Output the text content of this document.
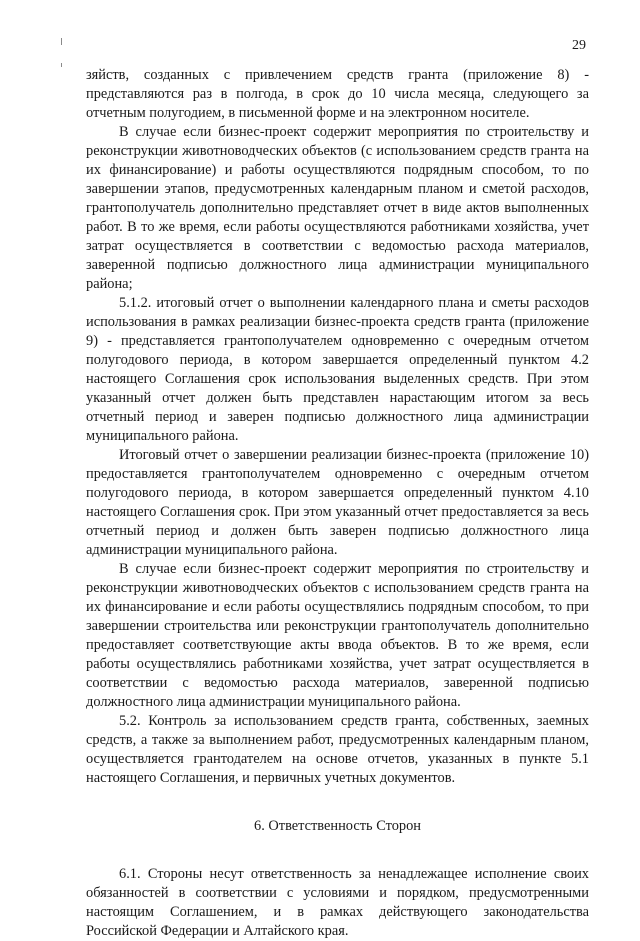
29

зяйств, созданных с привлечением средств гранта (приложение 8) - представляются раз в полгода, в срок до 10 числа месяца, следующего за отчетным полугодием, в письменной форме и на электронном носителе.

В случае если бизнес-проект содержит мероприятия по строительству и реконструкции животноводческих объектов (с использованием средств гранта на их финансирование) и работы осуществляются подрядным способом, то по завершении этапов, предусмотренных календарным планом и сметой расходов, грантополучатель дополнительно представляет отчет в виде актов выполненных работ. В то же время, если работы осуществляются работниками хозяйства, учет затрат осуществляется в соответствии с ведомостью расхода материалов, заверенной подписью должностного лица администрации муниципального района;

5.1.2. итоговый отчет о выполнении календарного плана и сметы расходов использования в рамках реализации бизнес-проекта средств гранта (приложение 9) - представляется грантополучателем одновременно с очередным отчетом полугодового периода, в котором завершается определенный пунктом 4.2 настоящего Соглашения срок использования выделенных средств. При этом указанный отчет должен быть представлен нарастающим итогом за весь отчетный период и заверен подписью должностного лица администрации муниципального района.

Итоговый отчет о завершении реализации бизнес-проекта (приложение 10) предоставляется грантополучателем одновременно с очередным отчетом полугодового периода, в котором завершается определенный пунктом 4.10 настоящего Соглашения срок. При этом указанный отчет предоставляется за весь отчетный период и должен быть заверен подписью должностного лица администрации муниципального района.

В случае если бизнес-проект содержит мероприятия по строительству и реконструкции животноводческих объектов с использованием средств гранта на их финансирование и если работы осуществлялись подрядным способом, то при завершении строительства или реконструкции грантополучатель дополнительно предоставляет соответствующие акты ввода объектов. В то же время, если работы осуществлялись работниками хозяйства, учет затрат осуществляется в соответствии с ведомостью расхода материалов, заверенной подписью должностного лица администрации муниципального района.

5.2. Контроль за использованием средств гранта, собственных, заемных средств, а также за выполнением работ, предусмотренных календарным планом, осуществляется грантодателем на основе отчетов, указанных в пункте 5.1 настоящего Соглашения, и первичных учетных документов.

6. Ответственность Сторон

6.1. Стороны несут ответственность за ненадлежащее исполнение своих обязанностей в соответствии с условиями и порядком, предусмотренными настоящим Соглашением, и в рамках действующего законодательства Российской Федерации и Алтайского края.
